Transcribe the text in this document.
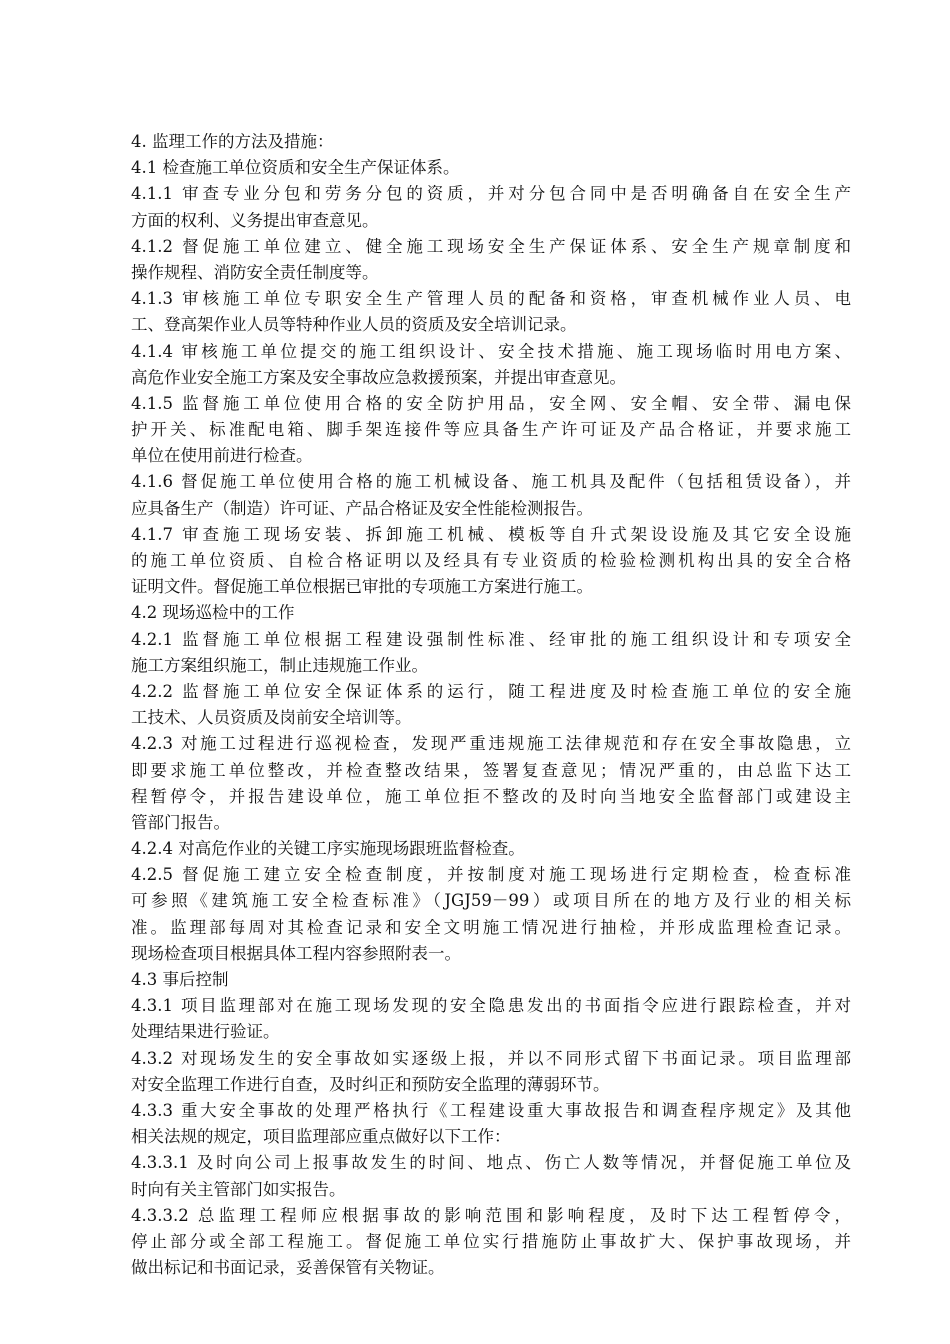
4. 监理工作的方法及措施：
4.1 检查施工单位资质和安全生产保证体系。
4.1.1 审查专业分包和劳务分包的资质，并对分包合同中是否明确备自在安全生产
方面的权利、义务提出审查意见。
4.1.2 督促施工单位建立、健全施工现场安全生产保证体系、安全生产规章制度和
操作规程、消防安全责任制度等。
4.1.3 审核施工单位专职安全生产管理人员的配备和资格，审查机械作业人员、电
工、登高架作业人员等特种作业人员的资质及安全培训记录。
4.1.4 审核施工单位提交的施工组织设计、安全技术措施、施工现场临时用电方案、
高危作业安全施工方案及安全事故应急救援预案，并提出审查意见。
4.1.5 监督施工单位使用合格的安全防护用品，安全网、安全帽、安全带、漏电保
护开关、标准配电箱、脚手架连接件等应具备生产许可证及产品合格证，并要求施工
单位在使用前进行检查。
4.1.6 督促施工单位使用合格的施工机械设备、施工机具及配件（包括租赁设备），并
应具备生产（制造）许可证、产品合格证及安全性能检测报告。
4.1.7 审查施工现场安装、拆卸施工机械、模板等自升式架设设施及其它安全设施
的施工单位资质、自检合格证明以及经具有专业资质的检验检测机构出具的安全合格
证明文件。督促施工单位根据已审批的专项施工方案进行施工。
4.2 现场巡检中的工作
4.2.1 监督施工单位根据工程建设强制性标准、经审批的施工组织设计和专项安全
施工方案组织施工，制止违规施工作业。
4.2.2 监督施工单位安全保证体系的运行，随工程进度及时检查施工单位的安全施
工技术、人员资质及岗前安全培训等。
4.2.3 对施工过程进行巡视检查，发现严重违规施工法律规范和存在安全事故隐患，立
即要求施工单位整改，并检查整改结果，签署复查意见；情况严重的，由总监下达工
程暂停令，并报告建设单位，施工单位拒不整改的及时向当地安全监督部门或建设主
管部门报告。
4.2.4 对高危作业的关键工序实施现场跟班监督检查。
4.2.5 督促施工建立安全检查制度，并按制度对施工现场进行定期检查，检查标准
可参照《建筑施工安全检查标准》（JGJ59－99）或项目所在的地方及行业的相关标
准。监理部每周对其检查记录和安全文明施工情况进行抽检，并形成监理检查记录。
现场检查项目根据具体工程内容参照附表一。
4.3 事后控制
4.3.1 项目监理部对在施工现场发现的安全隐患发出的书面指令应进行跟踪检查，并对
处理结果进行验证。
4.3.2 对现场发生的安全事故如实逐级上报，并以不同形式留下书面记录。项目监理部
对安全监理工作进行自查，及时纠正和预防安全监理的薄弱环节。
4.3.3 重大安全事故的处理严格执行《工程建设重大事故报告和调查程序规定》及其他
相关法规的规定，项目监理部应重点做好以下工作：
4.3.3.1 及时向公司上报事故发生的时间、地点、伤亡人数等情况，并督促施工单位及
时向有关主管部门如实报告。
4.3.3.2 总监理工程师应根据事故的影响范围和影响程度，及时下达工程暂停令，
停止部分或全部工程施工。督促施工单位实行措施防止事故扩大、保护事故现场，并
做出标记和书面记录，妥善保管有关物证。
